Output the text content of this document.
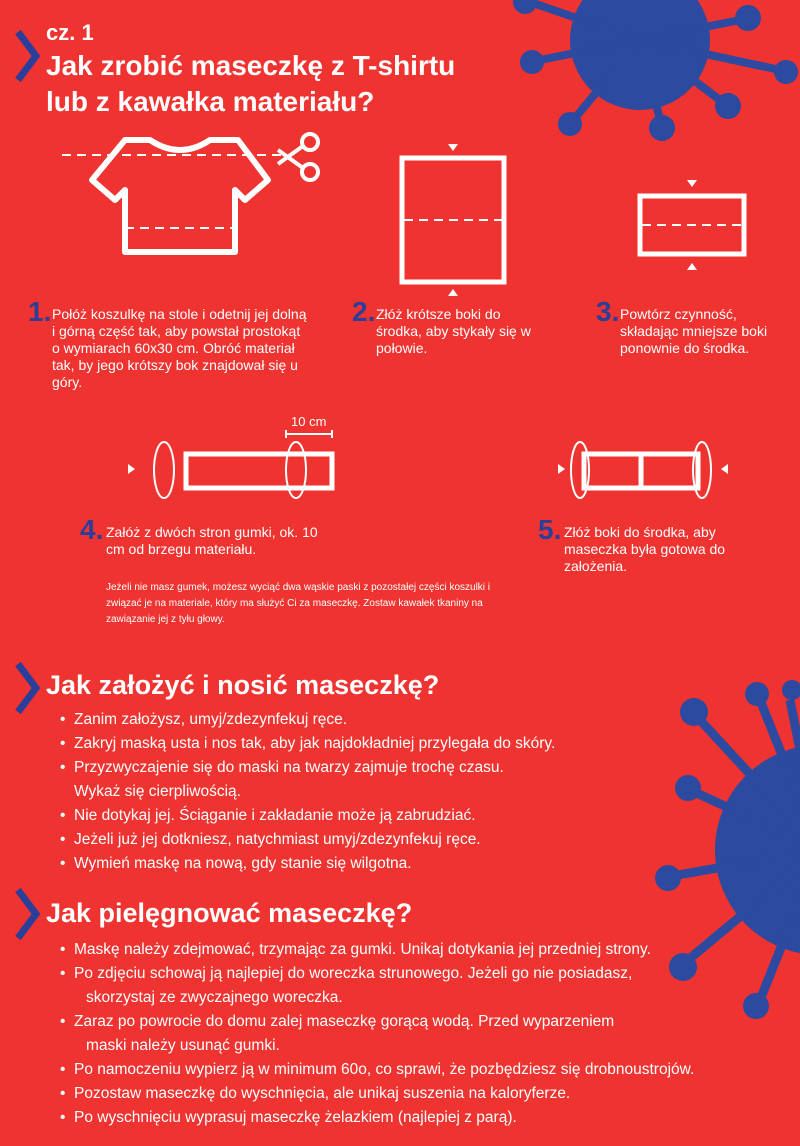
cz. 1
Jak zrobić maseczkę z T-shirtu
lub z kawałka materiału?
1. Połóż koszulkę na stole i odetnij jej dolną i górną część tak, aby powstał prostokąt o wymiarach 60x30 cm. Obróć materiał tak, by jego krótszy bok znajdował się u góry.
2. Złóż krótsze boki do środka, aby stykały się w połowie.
3. Powtórz czynność, składając mniejsze boki ponownie do środka.
10 cm
4. Załóż z dwóch stron gumki, ok. 10 cm od brzegu materiału.
5. Złóż boki do środka, aby maseczka była gotowa do założenia.
Jeżeli nie masz gumek, możesz wyciąć dwa wąskie paski z pozostałej części koszulki i związać je na materiale, który ma służyć Ci za maseczkę. Zostaw kawałek tkaniny na zawiązanie jej z tyłu głowy.
Jak założyć i nosić maseczkę?
• Zanim założysz, umyj/zdezynfekuj ręce.
• Zakryj maską usta i nos tak, aby jak najdokładniej przylegała do skóry.
• Przyzwyczajenie się do maski na twarzy zajmuje trochę czasu.
Wykaż się cierpliwością.
• Nie dotykaj jej. Ściąganie i zakładanie może ją zabrudziać.
• Jeżeli już jej dotkniesz, natychmiast umyj/zdezynfekuj ręce.
• Wymień maskę na nową, gdy stanie się wilgotna.
Jak pielęgnować maseczkę?
• Maskę należy zdejmować, trzymając za gumki. Unikaj dotykania jej przedniej strony.
• Po zdjęciu schowaj ją najlepiej do woreczka strunowego. Jeżeli go nie posiadasz,
skorzystaj ze zwyczajnego woreczka.
• Zaraz po powrocie do domu zalej maseczkę gorącą wodą. Przed wyparzeniem
maski należy usunąć gumki.
• Po namoczeniu wypierz ją w minimum 60o, co sprawi, że pozbędziesz się drobnoustrojów.
• Pozostaw maseczkę do wyschnięcia, ale unikaj suszenia na kaloryferze.
• Po wyschnięciu wyprasuj maseczkę żelazkiem (najlepiej z parą).
